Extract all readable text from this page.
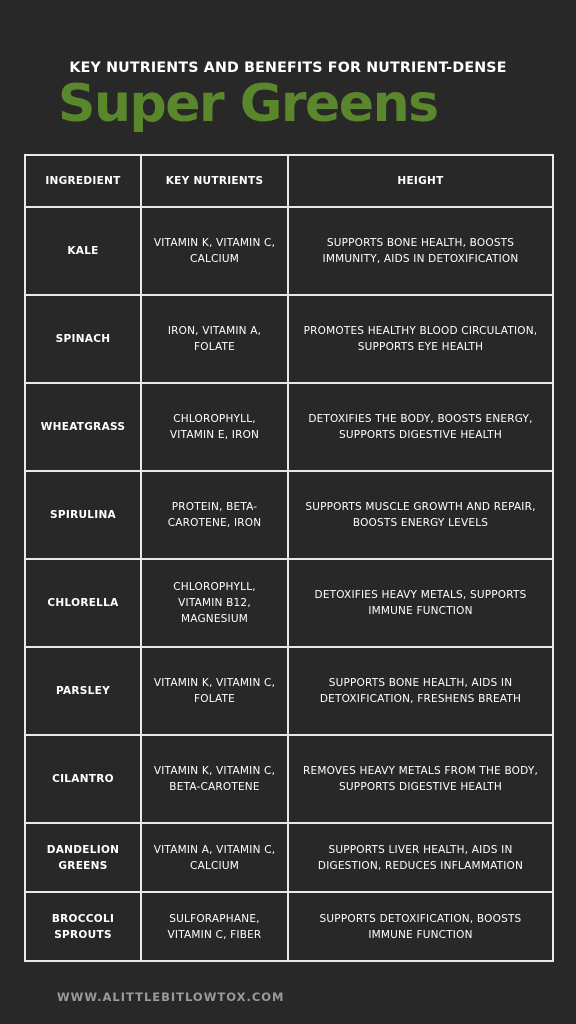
KEY NUTRIENTS AND BENEFITS FOR NUTRIENT-DENSE
Super Greens
INGREDIENT	KEY NUTRIENTS	HEIGHT
KALE	VITAMIN K, VITAMIN C, CALCIUM	SUPPORTS BONE HEALTH, BOOSTS IMMUNITY, AIDS IN DETOXIFICATION
SPINACH	IRON, VITAMIN A, FOLATE	PROMOTES HEALTHY BLOOD CIRCULATION, SUPPORTS EYE HEALTH
WHEATGRASS	CHLOROPHYLL, VITAMIN E, IRON	DETOXIFIES THE BODY, BOOSTS ENERGY, SUPPORTS DIGESTIVE HEALTH
SPIRULINA	PROTEIN, BETA-CAROTENE, IRON	SUPPORTS MUSCLE GROWTH AND REPAIR, BOOSTS ENERGY LEVELS
CHLORELLA	CHLOROPHYLL, VITAMIN B12, MAGNESIUM	DETOXIFIES HEAVY METALS, SUPPORTS IMMUNE FUNCTION
PARSLEY	VITAMIN K, VITAMIN C, FOLATE	SUPPORTS BONE HEALTH, AIDS IN DETOXIFICATION, FRESHENS BREATH
CILANTRO	VITAMIN K, VITAMIN C, BETA-CAROTENE	REMOVES HEAVY METALS FROM THE BODY, SUPPORTS DIGESTIVE HEALTH
DANDELION GREENS	VITAMIN A, VITAMIN C, CALCIUM	SUPPORTS LIVER HEALTH, AIDS IN DIGESTION, REDUCES INFLAMMATION
BROCCOLI SPROUTS	SULFORAPHANE, VITAMIN C, FIBER	SUPPORTS DETOXIFICATION, BOOSTS IMMUNE FUNCTION
WWW.ALITTLEBITLOWTOX.COM
